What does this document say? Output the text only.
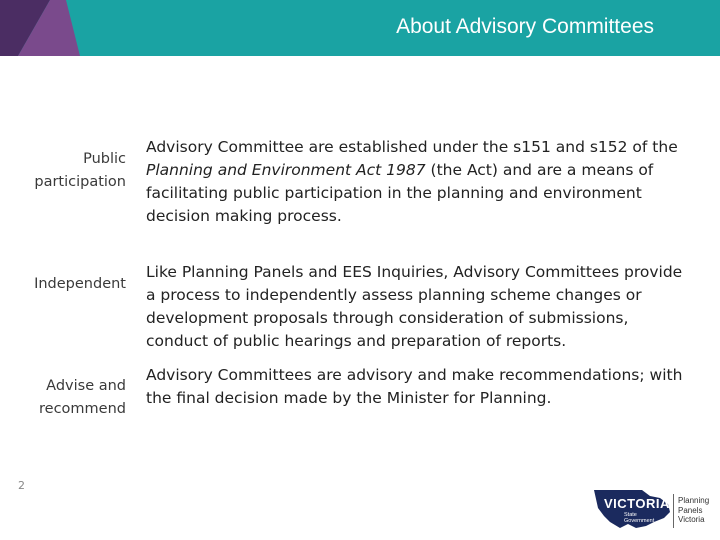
About Advisory Committees
Public
participation
Advisory Committee are established under the s151 and s152 of the Planning and Environment Act 1987 (the Act) and are a means of facilitating public participation in the planning and environment decision making process.
Independent
Like Planning Panels and EES Inquiries, Advisory Committees provide a process to independently assess planning scheme changes or development proposals through consideration of submissions, conduct of public hearings and preparation of reports.
Advise and
recommend
Advisory Committees are advisory and make recommendations; with the final decision made by the Minister for Planning.
2
VICTORIA
State
Government
Planning
Panels
Victoria
